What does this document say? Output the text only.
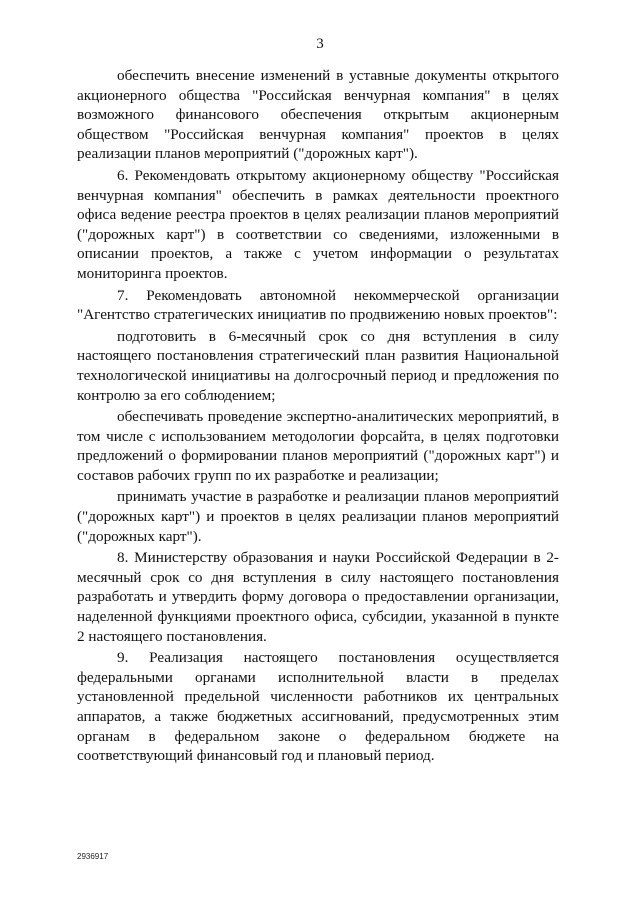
3

обеспечить внесение изменений в уставные документы открытого акционерного общества "Российская венчурная компания" в целях возможного финансового обеспечения открытым акционерным обществом "Российская венчурная компания" проектов в целях реализации планов мероприятий ("дорожных карт").

6. Рекомендовать открытому акционерному обществу "Российская венчурная компания" обеспечить в рамках деятельности проектного офиса ведение реестра проектов в целях реализации планов мероприятий ("дорожных карт") в соответствии со сведениями, изложенными в описании проектов, а также с учетом информации о результатах мониторинга проектов.

7. Рекомендовать автономной некоммерческой организации "Агентство стратегических инициатив по продвижению новых проектов":

подготовить в 6-месячный срок со дня вступления в силу настоящего постановления стратегический план развития Национальной технологической инициативы на долгосрочный период и предложения по контролю за его соблюдением;

обеспечивать проведение экспертно-аналитических мероприятий, в том числе с использованием методологии форсайта, в целях подготовки предложений о формировании планов мероприятий ("дорожных карт") и составов рабочих групп по их разработке и реализации;

принимать участие в разработке и реализации планов мероприятий ("дорожных карт") и проектов в целях реализации планов мероприятий ("дорожных карт").

8. Министерству образования и науки Российской Федерации в 2-месячный срок со дня вступления в силу настоящего постановления разработать и утвердить форму договора о предоставлении организации, наделенной функциями проектного офиса, субсидии, указанной в пункте 2 настоящего постановления.

9. Реализация настоящего постановления осуществляется федеральными органами исполнительной власти в пределах установленной предельной численности работников их центральных аппаратов, а также бюджетных ассигнований, предусмотренных этим органам в федеральном законе о федеральном бюджете на соответствующий финансовый год и плановый период.

2936917
